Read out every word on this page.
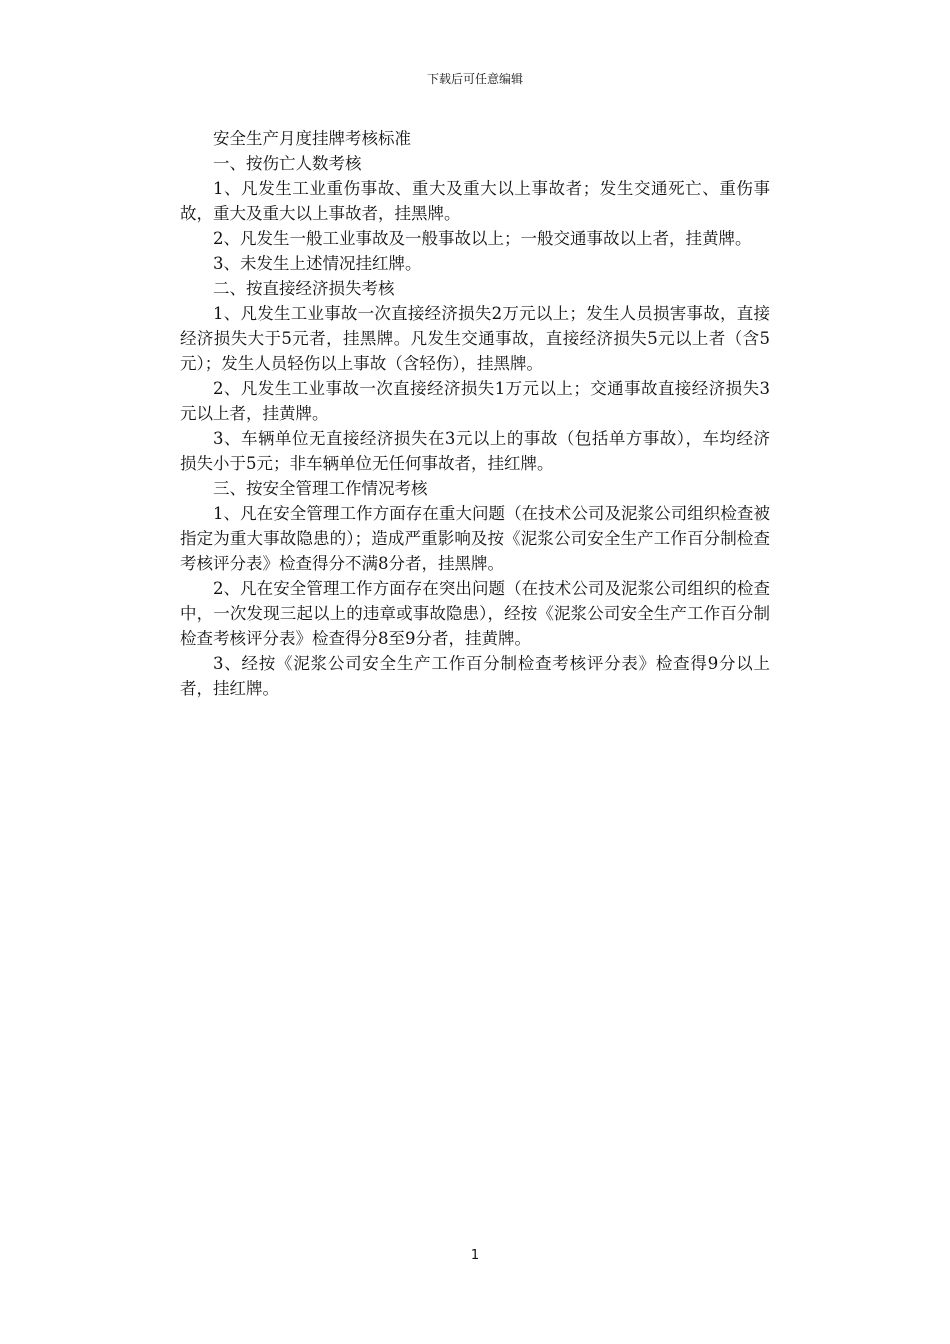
下载后可任意编辑

安全生产月度挂牌考核标准

一、按伤亡人数考核

1、凡发生工业重伤事故、重大及重大以上事故者；发生交通死亡、重伤事故，重大及重大以上事故者，挂黑牌。

2、凡发生一般工业事故及一般事故以上；一般交通事故以上者，挂黄牌。

3、未发生上述情况挂红牌。

二、按直接经济损失考核

1、凡发生工业事故一次直接经济损失2万元以上；发生人员损害事故，直接经济损失大于5元者，挂黑牌。凡发生交通事故，直接经济损失5元以上者（含5元）；发生人员轻伤以上事故（含轻伤），挂黑牌。

2、凡发生工业事故一次直接经济损失1万元以上；交通事故直接经济损失3元以上者，挂黄牌。

3、车辆单位无直接经济损失在3元以上的事故（包括单方事故），车均经济损失小于5元；非车辆单位无任何事故者，挂红牌。

三、按安全管理工作情况考核

1、凡在安全管理工作方面存在重大问题（在技术公司及泥浆公司组织检查被指定为重大事故隐患的）；造成严重影响及按《泥浆公司安全生产工作百分制检查考核评分表》检查得分不满8分者，挂黑牌。

2、凡在安全管理工作方面存在突出问题（在技术公司及泥浆公司组织的检查中，一次发现三起以上的违章或事故隐患），经按《泥浆公司安全生产工作百分制检查考核评分表》检查得分8至9分者，挂黄牌。

3、经按《泥浆公司安全生产工作百分制检查考核评分表》检查得9分以上者，挂红牌。

1
